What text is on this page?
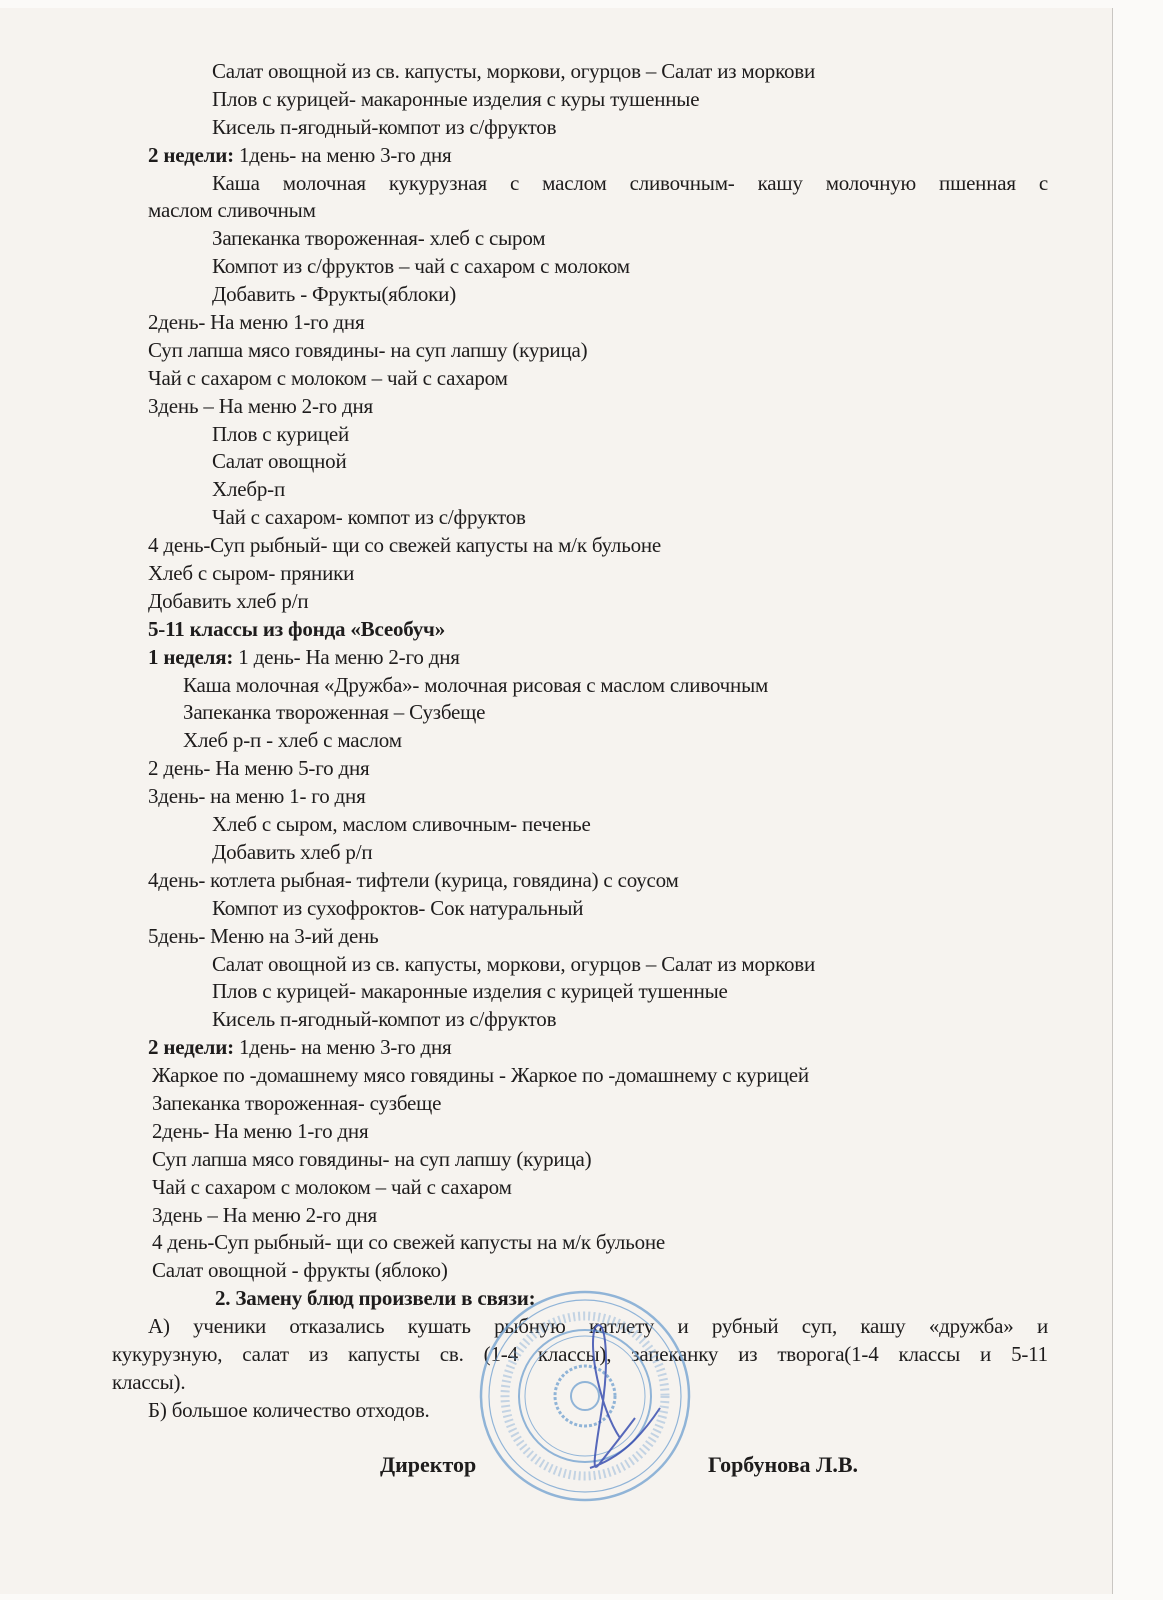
Салат овощной из св. капусты, моркови, огурцов – Салат из моркови
Плов с курицей- макаронные изделия с куры тушенные
Кисель п-ягодный-компот из с/фруктов
2 недели: 1день- на меню 3-го дня
Каша молочная кукурузная с маслом сливочным- кашу молочную пшенная с
маслом сливочным
Запеканка твороженная- хлеб с сыром
Компот из с/фруктов – чай с сахаром с молоком
Добавить - Фрукты(яблоки)
2день- На меню 1-го дня
Суп лапша мясо говядины- на суп лапшу (курица)
Чай с сахаром с молоком – чай с сахаром
3день – На меню 2-го дня
Плов с курицей
Салат овощной
Хлебр-п
Чай с сахаром- компот из с/фруктов
4 день-Суп рыбный- щи со свежей капусты на м/к бульоне
Хлеб с сыром- пряники
Добавить хлеб р/п
5-11 классы из фонда «Всеобуч»
1 неделя: 1 день- На меню 2-го дня
Каша молочная «Дружба»- молочная рисовая с маслом сливочным
Запеканка твороженная – Сузбеще
Хлеб р-п - хлеб с маслом
2 день- На меню 5-го дня
3день- на меню 1- го дня
Хлеб с сыром, маслом сливочным- печенье
Добавить хлеб р/п
4день- котлета рыбная- тифтели (курица, говядина) с соусом
Компот из сухофроктов- Сок натуральный
5день- Меню на 3-ий день
Салат овощной из св. капусты, моркови, огурцов – Салат из моркови
Плов с курицей- макаронные изделия с курицей тушенные
Кисель п-ягодный-компот из с/фруктов
2 недели: 1день- на меню 3-го дня
Жаркое по -домашнему мясо говядины - Жаркое по -домашнему с курицей
Запеканка твороженная- сузбеще
2день- На меню 1-го дня
Суп лапша мясо говядины- на суп лапшу (курица)
Чай с сахаром с молоком – чай с сахаром
3день – На меню 2-го дня
4 день-Суп рыбный- щи со свежей капусты на м/к бульоне
Салат овощной - фрукты (яблоко)
2. Замену блюд произвели в связи:
А) ученики отказались кушать рыбную катлету и рубный суп, кашу «дружба» и
кукурузную, салат из капусты св. (1-4 классы), запеканку из творога(1-4 классы и 5-11
классы).
Б) большое количество отходов.
Директор	Горбунова Л.В.
